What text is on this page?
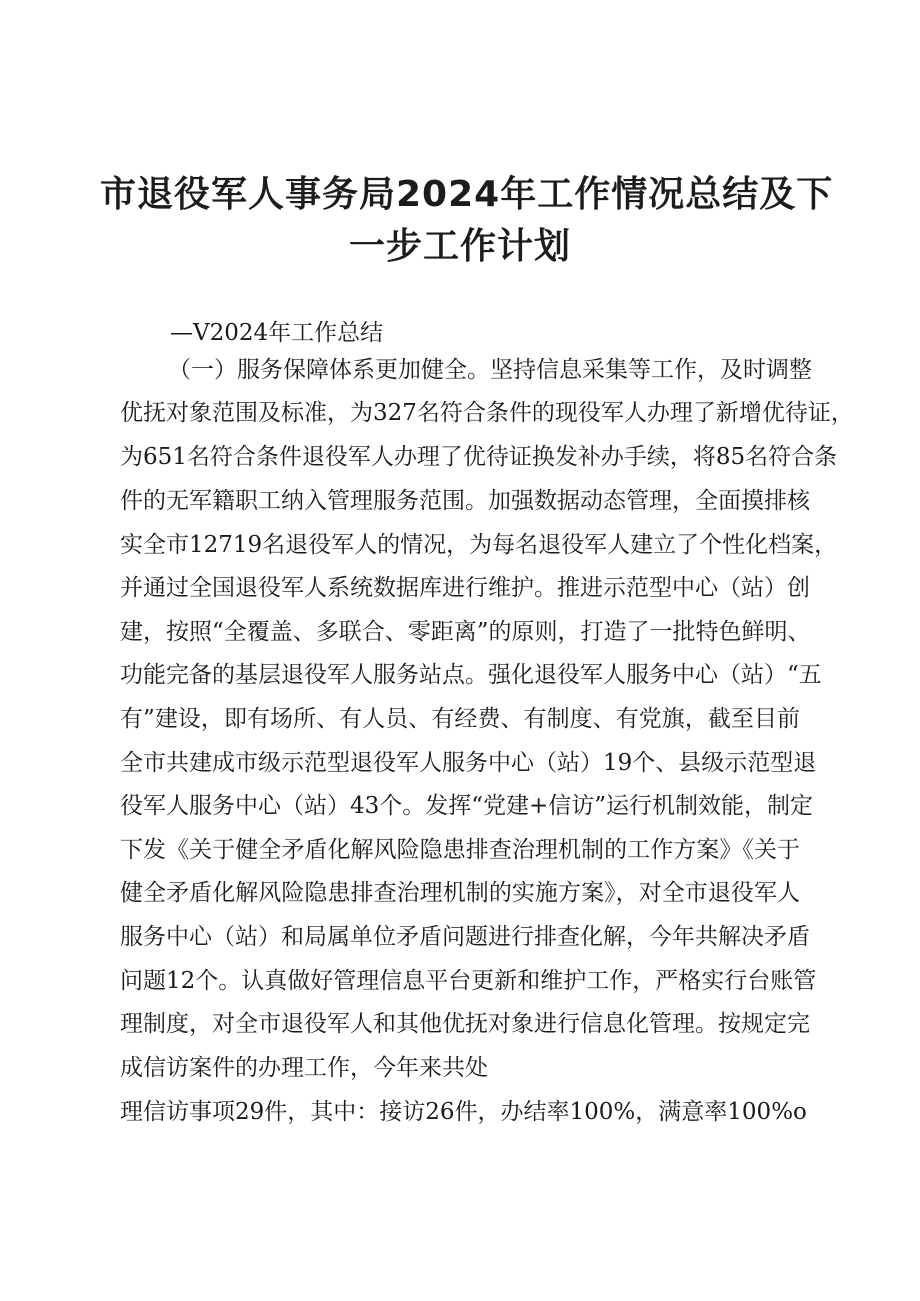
市退役军人事务局2024年工作情况总结及下
一步工作计划
—V2024年工作总结
（一）服务保障体系更加健全。坚持信息采集等工作，及时调整
优抚对象范围及标准，为327名符合条件的现役军人办理了新增优待证，
为651名符合条件退役军人办理了优待证换发补办手续，将85名符合条
件的无军籍职工纳入管理服务范围。加强数据动态管理，全面摸排核
实全市12719名退役军人的情况，为每名退役军人建立了个性化档案，
并通过全国退役军人系统数据库进行维护。推进示范型中心（站）创
建，按照“全覆盖、多联合、零距离”的原则，打造了一批特色鲜明、
功能完备的基层退役军人服务站点。强化退役军人服务中心（站）“五
有”建设，即有场所、有人员、有经费、有制度、有党旗，截至目前
全市共建成市级示范型退役军人服务中心（站）19个、县级示范型退
役军人服务中心（站）43个。发挥“党建+信访”运行机制效能，制定
下发《关于健全矛盾化解风险隐患排查治理机制的工作方案》《关于
健全矛盾化解风险隐患排查治理机制的实施方案》，对全市退役军人
服务中心（站）和局属单位矛盾问题进行排查化解，今年共解决矛盾
问题12个。认真做好管理信息平台更新和维护工作，严格实行台账管
理制度，对全市退役军人和其他优抚对象进行信息化管理。按规定完
成信访案件的办理工作，今年来共处
理信访事项29件，其中：接访26件，办结率100%，满意率100%o
